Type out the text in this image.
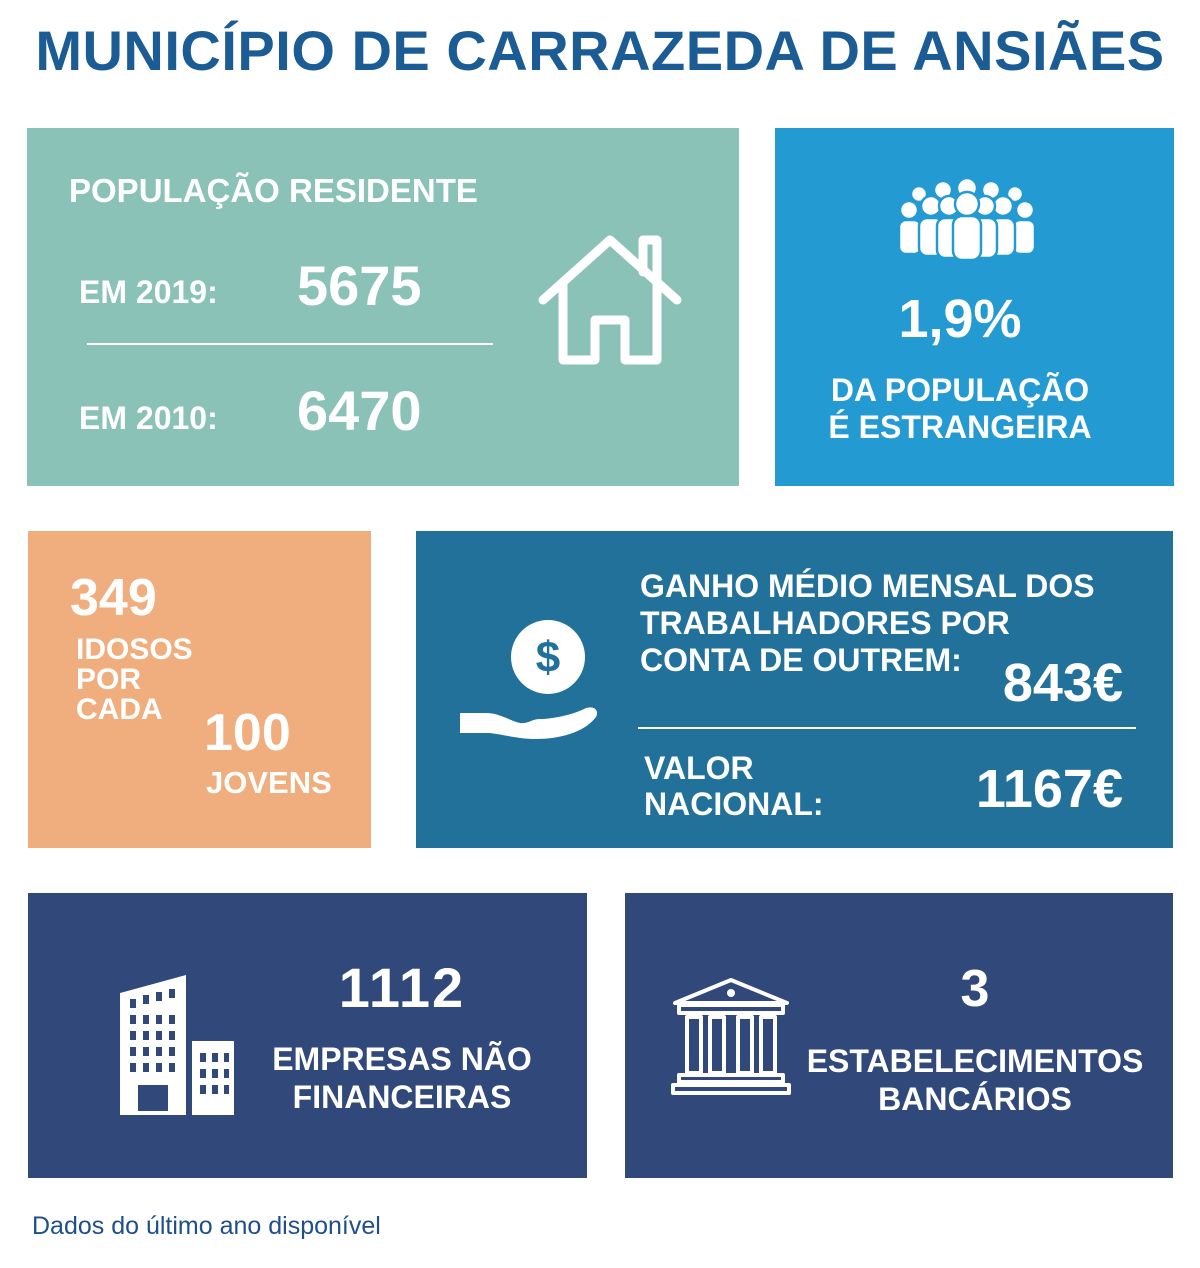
MUNICÍPIO DE CARRAZEDA DE ANSIÃES
POPULAÇÃO RESIDENTE
EM 2019: 5675
EM 2010: 6470
1,9%
DA POPULAÇÃO
É ESTRANGEIRA
349
IDOSOS
POR
CADA 100
JOVENS
$
GANHO MÉDIO MENSAL DOS
TRABALHADORES POR
CONTA DE OUTREM: 843€
VALOR
NACIONAL:	1167€
1112
EMPRESAS NÃO
FINANCEIRAS
3
ESTABELECIMENTOS
BANCÁRIOS
Dados do último ano disponível
